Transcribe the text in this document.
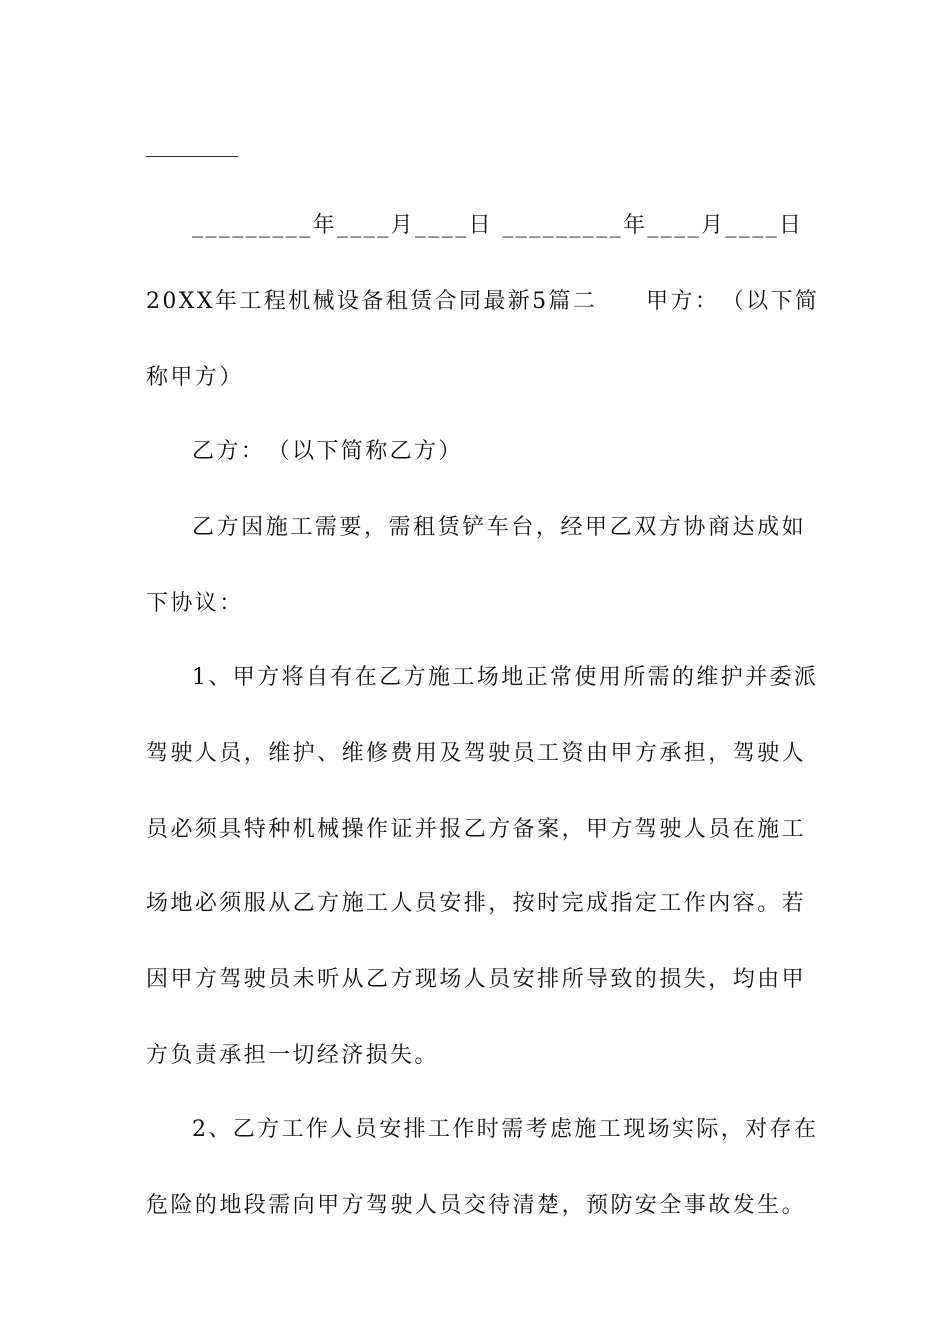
_________年____月____日 _________年____月____日
20XX年工程机械设备租赁合同最新5篇二　　甲方：　（以下简
称甲方）
乙方：　（以下简称乙方）
乙方因施工需要，需租赁铲车台，经甲乙双方协商达成如
下协议：
1、甲方将自有在乙方施工场地正常使用所需的维护并委派
驾驶人员，维护、维修费用及驾驶员工资由甲方承担，驾驶人
员必须具特种机械操作证并报乙方备案，甲方驾驶人员在施工
场地必须服从乙方施工人员安排，按时完成指定工作内容。若
因甲方驾驶员未听从乙方现场人员安排所导致的损失，均由甲
方负责承担一切经济损失。
2、乙方工作人员安排工作时需考虑施工现场实际，对存在
危险的地段需向甲方驾驶人员交待清楚，预防安全事故发生。
